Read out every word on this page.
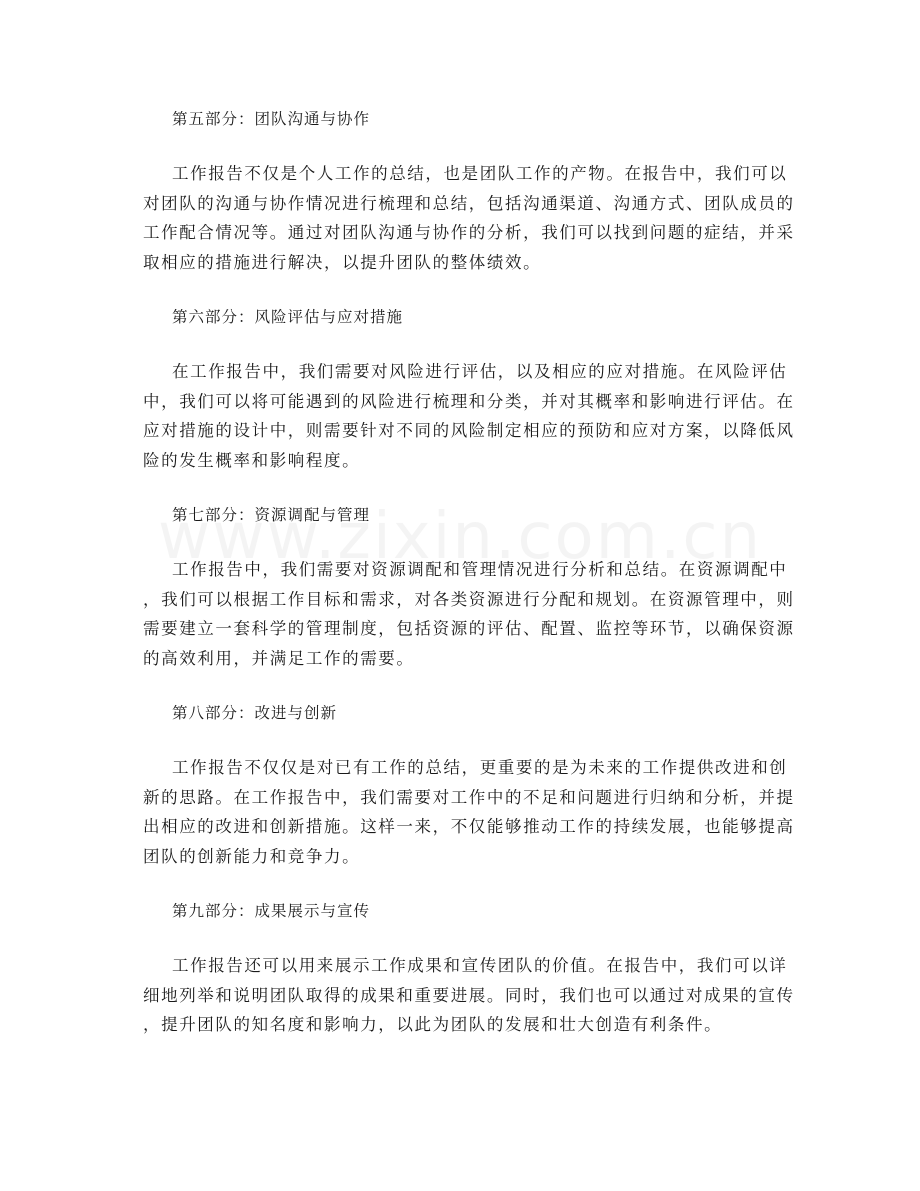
第五部分：团队沟通与协作
工作报告不仅是个人工作的总结，也是团队工作的产物。在报告中，我们可以
对团队的沟通与协作情况进行梳理和总结，包括沟通渠道、沟通方式、团队成员的
工作配合情况等。通过对团队沟通与协作的分析，我们可以找到问题的症结，并采
取相应的措施进行解决，以提升团队的整体绩效。
第六部分：风险评估与应对措施
在工作报告中，我们需要对风险进行评估，以及相应的应对措施。在风险评估
中，我们可以将可能遇到的风险进行梳理和分类，并对其概率和影响进行评估。在
应对措施的设计中，则需要针对不同的风险制定相应的预防和应对方案，以降低风
险的发生概率和影响程度。
第七部分：资源调配与管理
工作报告中，我们需要对资源调配和管理情况进行分析和总结。在资源调配中
，我们可以根据工作目标和需求，对各类资源进行分配和规划。在资源管理中，则
需要建立一套科学的管理制度，包括资源的评估、配置、监控等环节，以确保资源
的高效利用，并满足工作的需要。
第八部分：改进与创新
工作报告不仅仅是对已有工作的总结，更重要的是为未来的工作提供改进和创
新的思路。在工作报告中，我们需要对工作中的不足和问题进行归纳和分析，并提
出相应的改进和创新措施。这样一来，不仅能够推动工作的持续发展，也能够提高
团队的创新能力和竞争力。
第九部分：成果展示与宣传
工作报告还可以用来展示工作成果和宣传团队的价值。在报告中，我们可以详
细地列举和说明团队取得的成果和重要进展。同时，我们也可以通过对成果的宣传
，提升团队的知名度和影响力，以此为团队的发展和壮大创造有利条件。
